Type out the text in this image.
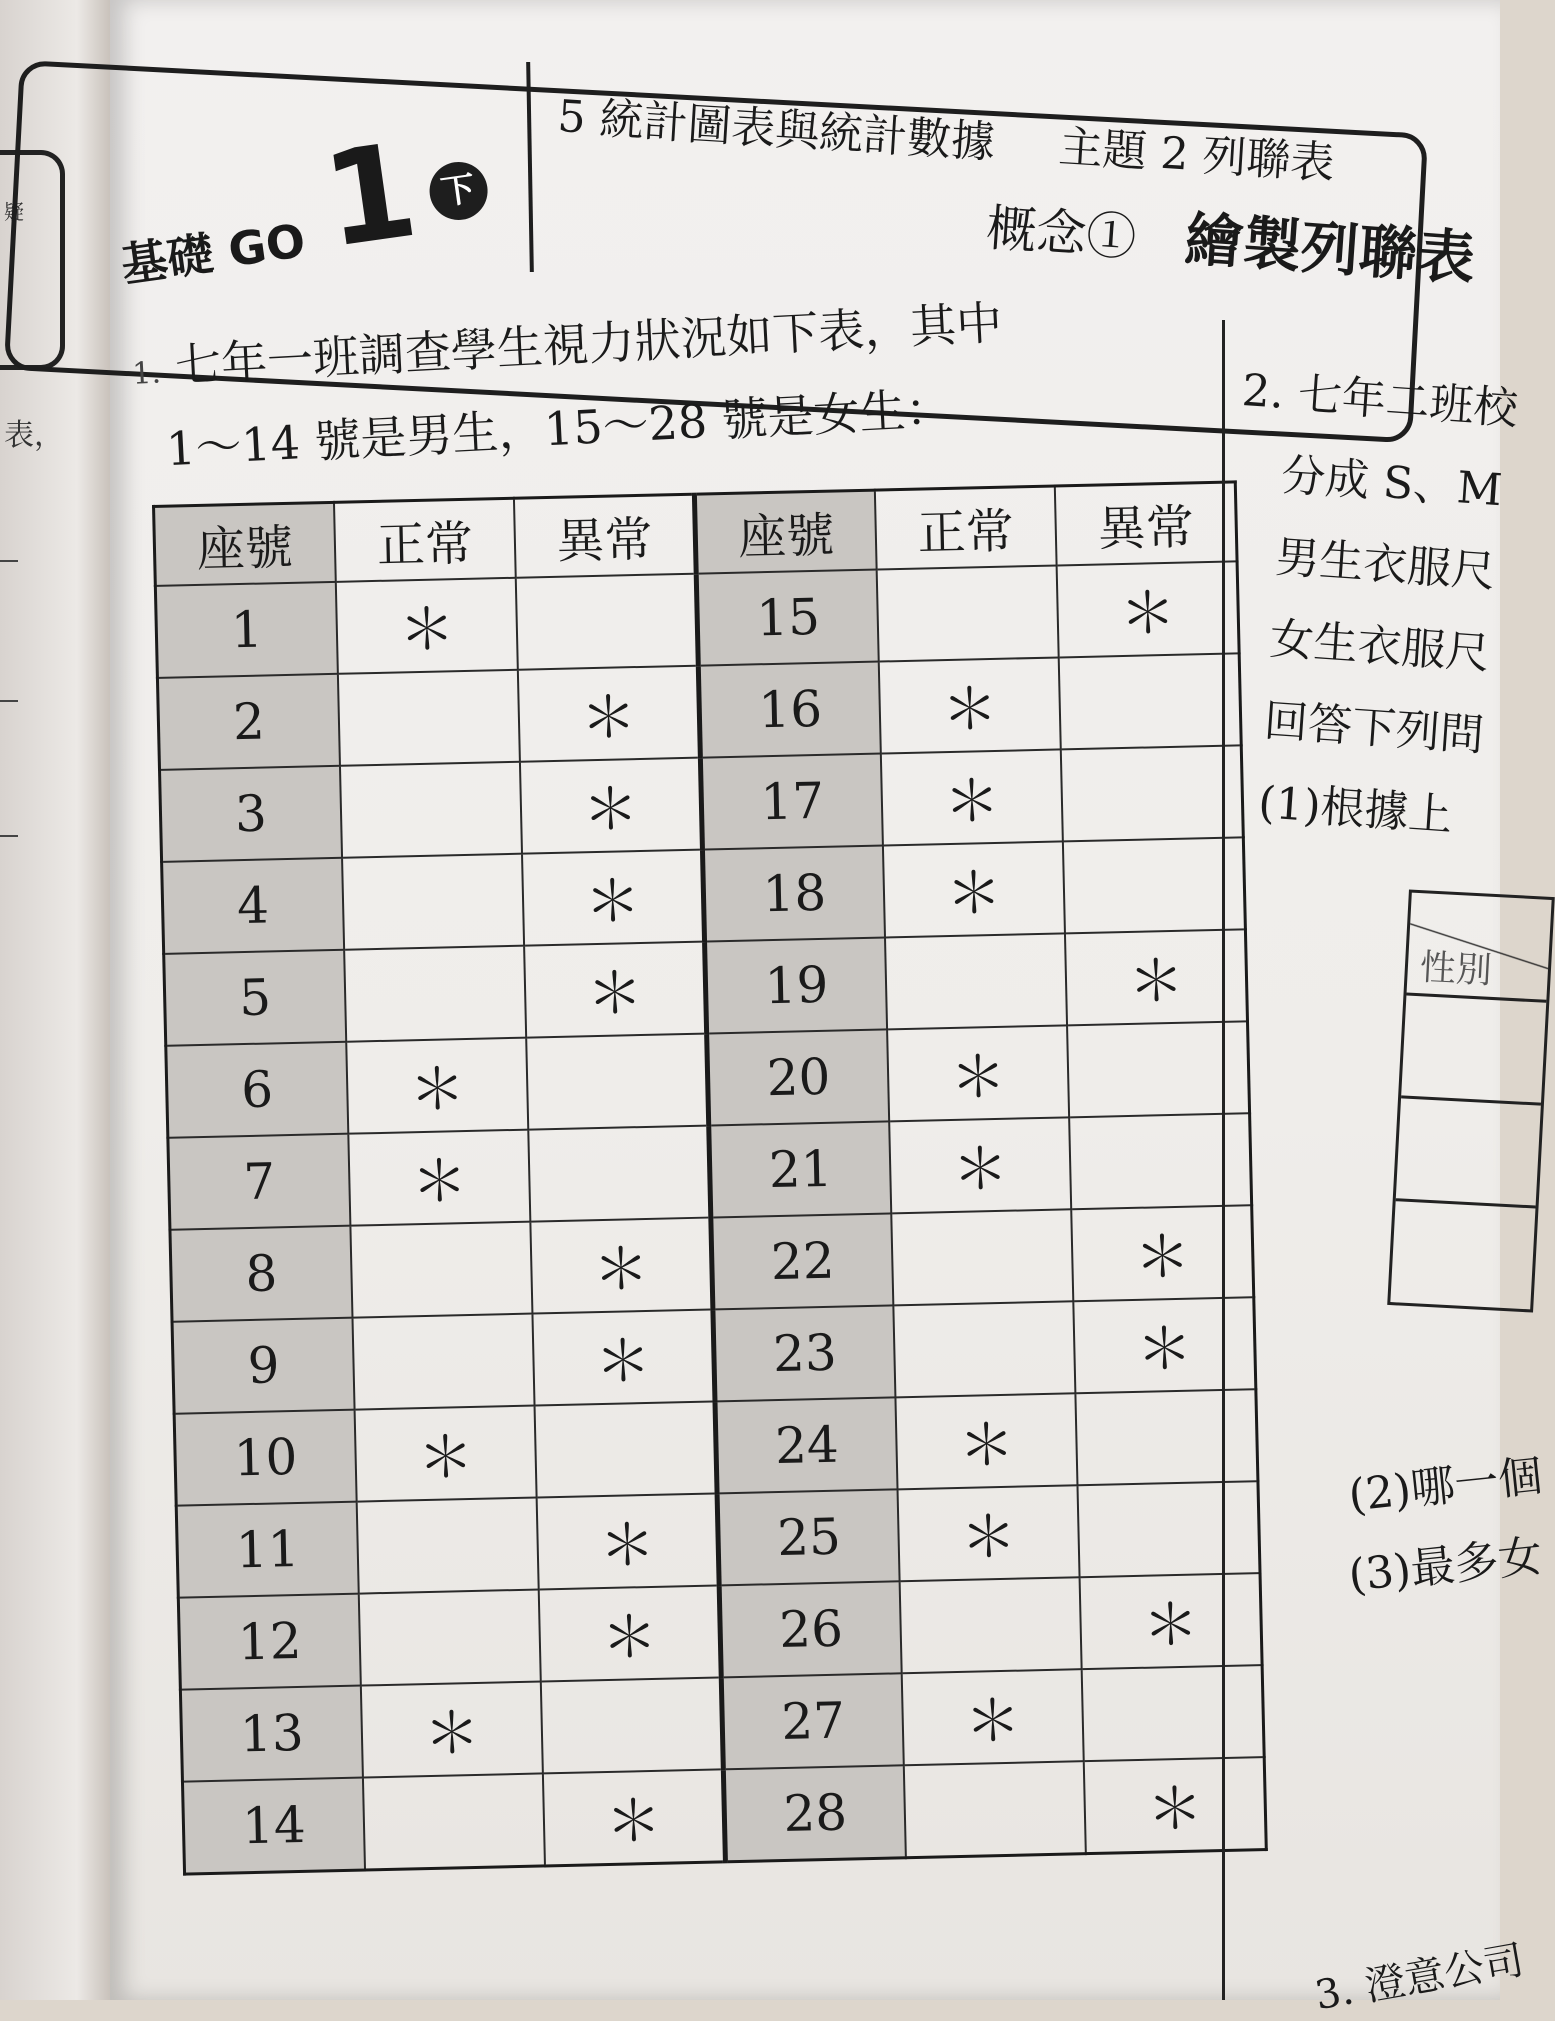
疑
表，
基礎 GO 1 下
5 統計圖表與統計數據 主題 2 列聯表
概念① 繪製列聯表
1. 七年一班調查學生視力狀況如下表，其中
1～14 號是男生，15～28 號是女生：
座號	正常	異常	座號	正常	異常
1	＊		15		＊
2		＊	16	＊	
3		＊	17	＊	
4		＊	18	＊	
5		＊	19		＊
6	＊		20	＊	
7	＊		21	＊	
8		＊	22		＊
9		＊	23		＊
10	＊		24	＊	
11		＊	25	＊	
12		＊	26		＊
13	＊		27	＊	
14		＊	28		＊
2. 七年二班校
分成 S、M
男生衣服尺
女生衣服尺
回答下列問
(1)根據上
性別
(2)哪一個
(3)最多女
3. 澄意公司
